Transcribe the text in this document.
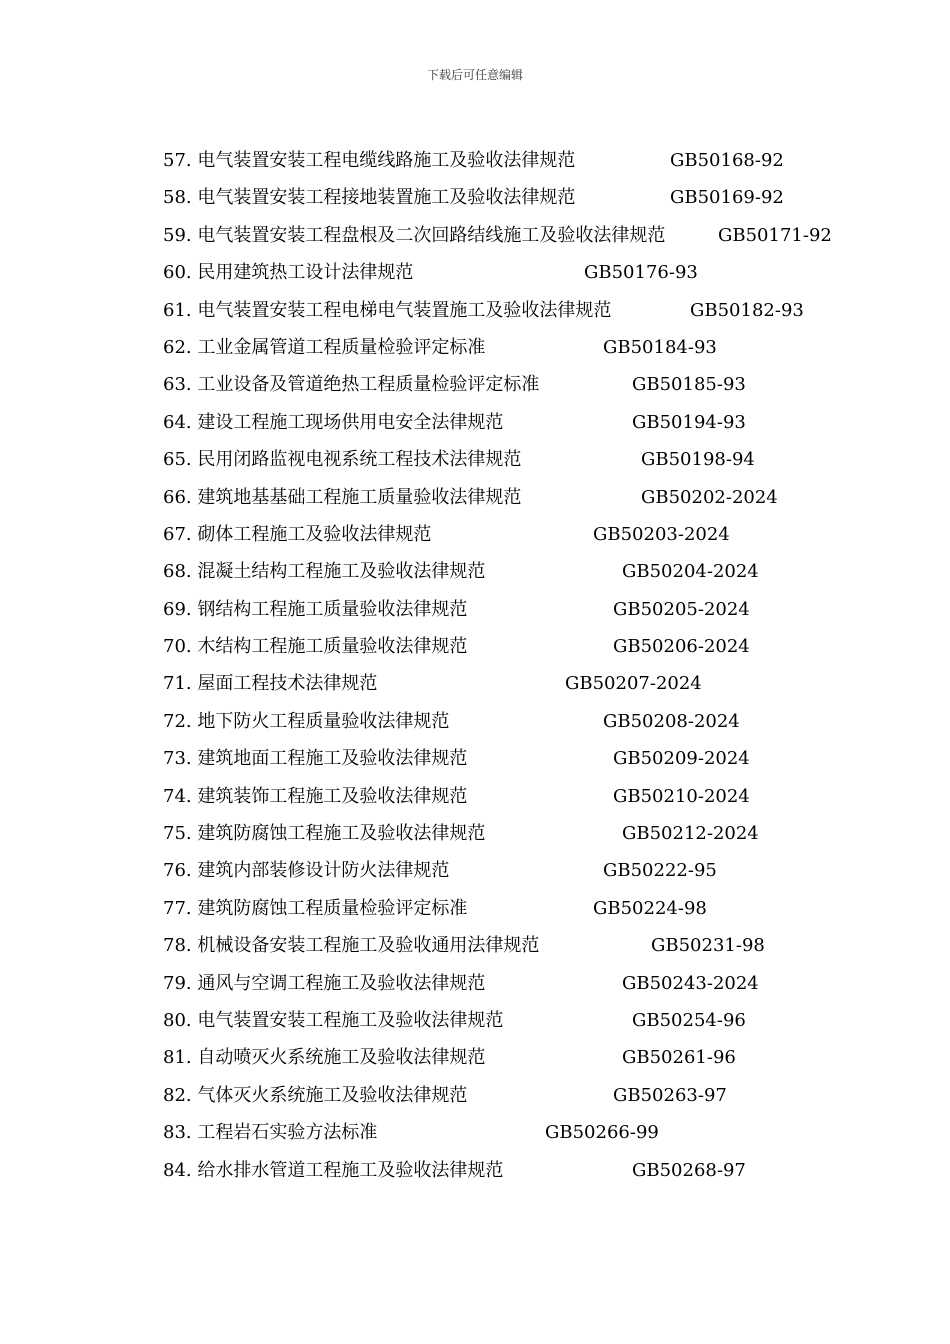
下载后可任意编辑
57. 电气装置安装工程电缆线路施工及验收法律规范	GB50168-92
58. 电气装置安装工程接地装置施工及验收法律规范	GB50169-92
59. 电气装置安装工程盘根及二次回路结线施工及验收法律规范	GB50171-92
60. 民用建筑热工设计法律规范	GB50176-93
61. 电气装置安装工程电梯电气装置施工及验收法律规范	GB50182-93
62. 工业金属管道工程质量检验评定标准	GB50184-93
63. 工业设备及管道绝热工程质量检验评定标准	GB50185-93
64. 建设工程施工现场供用电安全法律规范	GB50194-93
65. 民用闭路监视电视系统工程技术法律规范	GB50198-94
66. 建筑地基基础工程施工质量验收法律规范	GB50202-2024
67. 砌体工程施工及验收法律规范	GB50203-2024
68. 混凝土结构工程施工及验收法律规范	GB50204-2024
69. 钢结构工程施工质量验收法律规范	GB50205-2024
70. 木结构工程施工质量验收法律规范	GB50206-2024
71. 屋面工程技术法律规范	GB50207-2024
72. 地下防火工程质量验收法律规范	GB50208-2024
73. 建筑地面工程施工及验收法律规范	GB50209-2024
74. 建筑装饰工程施工及验收法律规范	GB50210-2024
75. 建筑防腐蚀工程施工及验收法律规范	GB50212-2024
76. 建筑内部装修设计防火法律规范	GB50222-95
77. 建筑防腐蚀工程质量检验评定标准	GB50224-98
78. 机械设备安装工程施工及验收通用法律规范	GB50231-98
79. 通风与空调工程施工及验收法律规范	GB50243-2024
80. 电气装置安装工程施工及验收法律规范	GB50254-96
81. 自动喷灭火系统施工及验收法律规范	GB50261-96
82. 气体灭火系统施工及验收法律规范	GB50263-97
83. 工程岩石实验方法标准	GB50266-99
84. 给水排水管道工程施工及验收法律规范	GB50268-97
